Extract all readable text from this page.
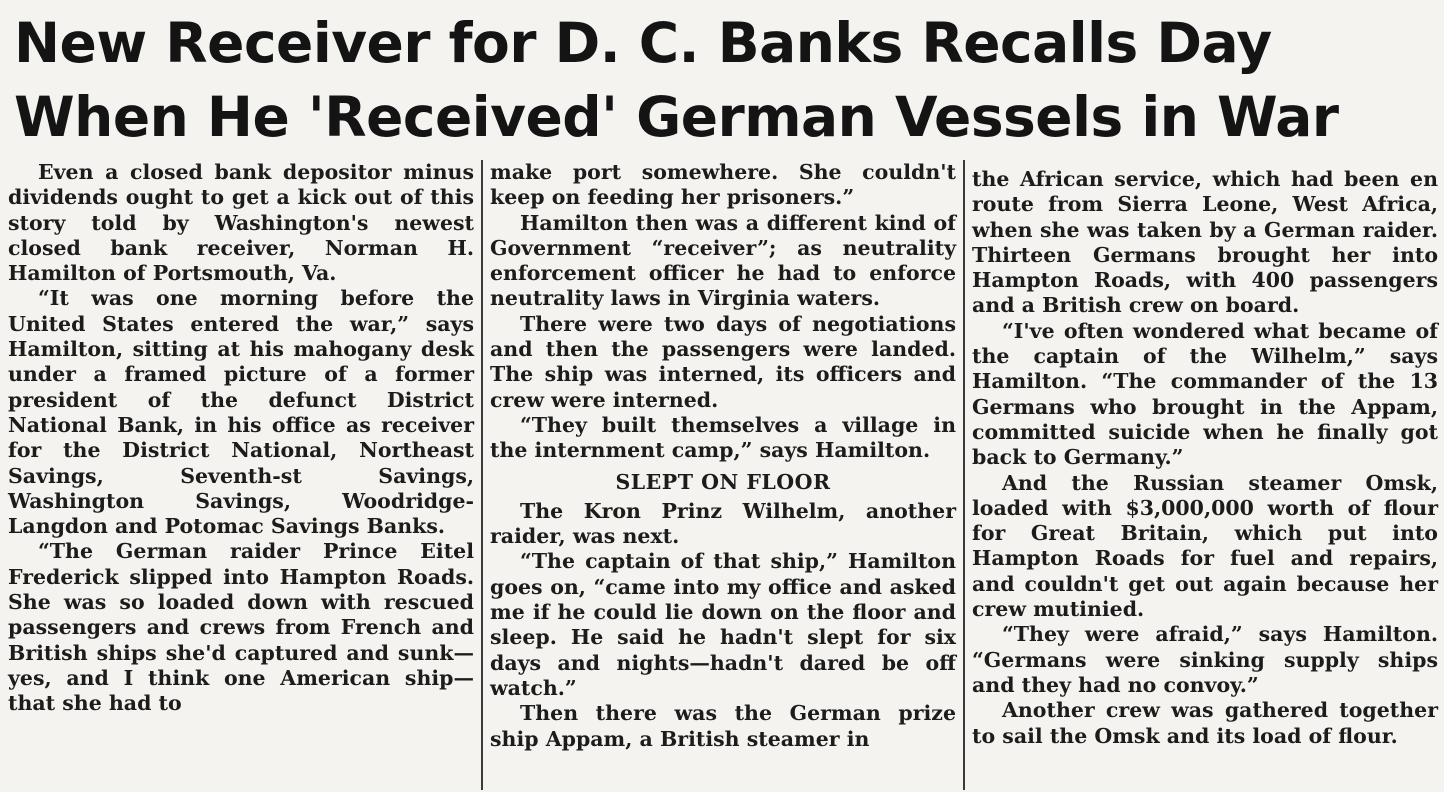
New Receiver for D. C. Banks Recalls Day
When He 'Received' German Vessels in War

Even a closed bank depositor minus dividends ought to get a kick out of this story told by Washington's newest closed bank receiver, Norman H. Hamilton of Portsmouth, Va.

“It was one morning before the United States entered the war,” says Hamilton, sitting at his mahogany desk under a framed picture of a former president of the defunct District National Bank, in his office as receiver for the District National, Northeast Savings, Seventh-st Savings, Washington Savings, Woodridge-Langdon and Potomac Savings Banks.

“The German raider Prince Eitel Frederick slipped into Hampton Roads. She was so loaded down with rescued passengers and crews from French and British ships she'd captured and sunk—yes, and I think one American ship—that she had to

make port somewhere. She couldn't keep on feeding her prisoners.”

Hamilton then was a different kind of Government “receiver”; as neutrality enforcement officer he had to enforce neutrality laws in Virginia waters.

There were two days of negotiations and then the passengers were landed. The ship was interned, its officers and crew were interned.

“They built themselves a village in the internment camp,” says Hamilton.

SLEPT ON FLOOR

The Kron Prinz Wilhelm, another raider, was next.

“The captain of that ship,” Hamilton goes on, “came into my office and asked me if he could lie down on the floor and sleep. He said he hadn't slept for six days and nights—hadn't dared be off watch.”

Then there was the German prize ship Appam, a British steamer in

the African service, which had been en route from Sierra Leone, West Africa, when she was taken by a German raider. Thirteen Germans brought her into Hampton Roads, with 400 passengers and a British crew on board.

“I've often wondered what became of the captain of the Wilhelm,” says Hamilton. “The commander of the 13 Germans who brought in the Appam, committed suicide when he finally got back to Germany.”

And the Russian steamer Omsk, loaded with $3,000,000 worth of flour for Great Britain, which put into Hampton Roads for fuel and repairs, and couldn't get out again because her crew mutinied.

“They were afraid,” says Hamilton. “Germans were sinking supply ships and they had no convoy.”

Another crew was gathered together to sail the Omsk and its load of flour.
